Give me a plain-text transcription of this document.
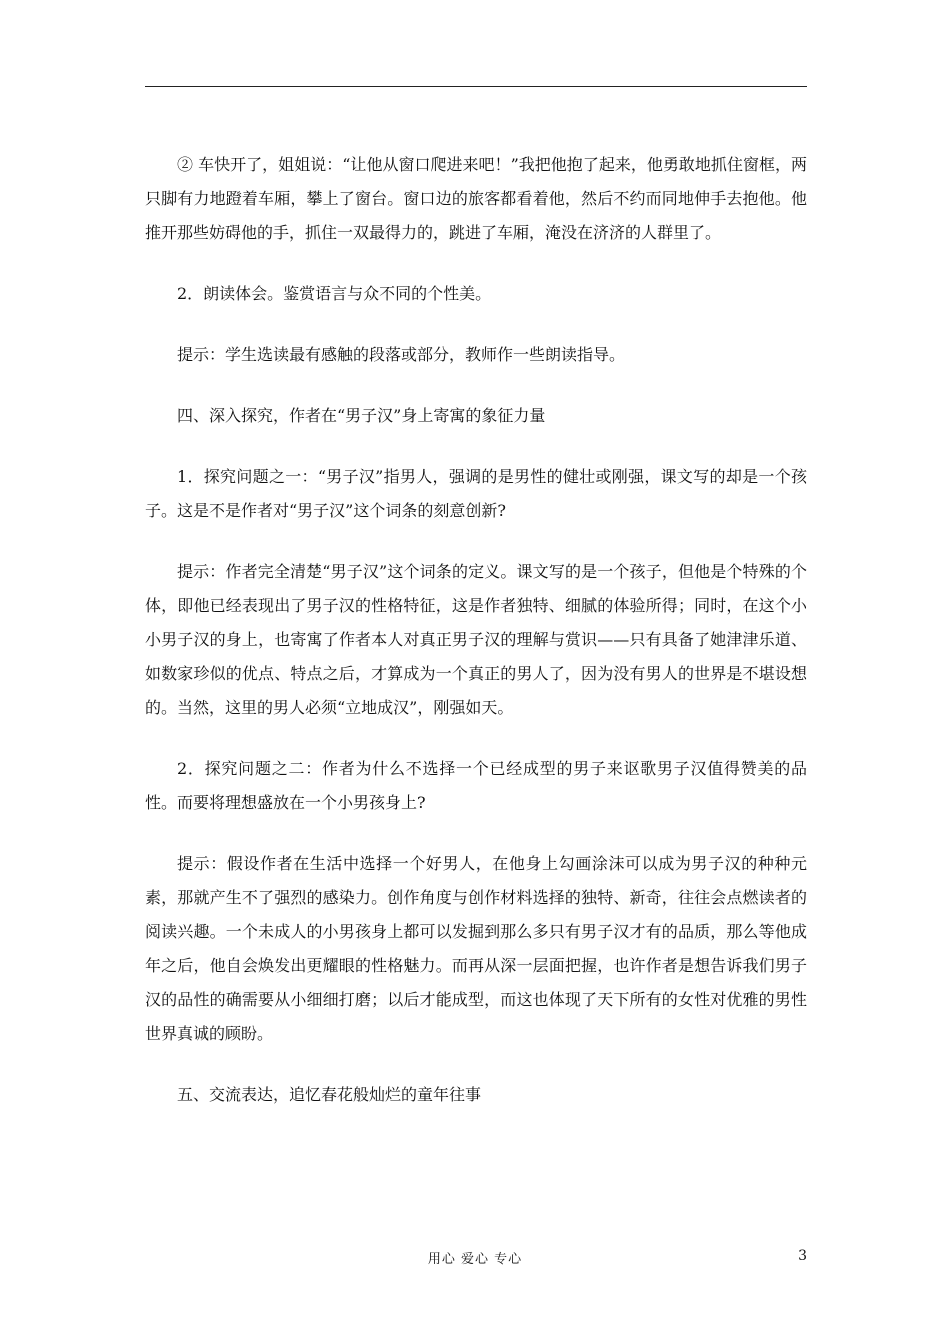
② 车快开了，姐姐说：“让他从窗口爬进来吧！”我把他抱了起来，他勇敢地抓住窗框，两只脚有力地蹬着车厢，攀上了窗台。窗口边的旅客都看着他，然后不约而同地伸手去抱他。他推开那些妨碍他的手，抓住一双最得力的，跳进了车厢，淹没在济济的人群里了。

2．朗读体会。鉴赏语言与众不同的个性美。

提示：学生选读最有感触的段落或部分，教师作一些朗读指导。

四、深入探究，作者在“男子汉”身上寄寓的象征力量

1．探究问题之一：“男子汉”指男人，强调的是男性的健壮或刚强，课文写的却是一个孩子。这是不是作者对“男子汉”这个词条的刻意创新?

提示：作者完全清楚“男子汉”这个词条的定义。课文写的是一个孩子，但他是个特殊的个体，即他已经表现出了男子汉的性格特征，这是作者独特、细腻的体验所得；同时，在这个小小男子汉的身上，也寄寓了作者本人对真正男子汉的理解与赏识——只有具备了她津津乐道、如数家珍似的优点、特点之后，才算成为一个真正的男人了，因为没有男人的世界是不堪设想的。当然，这里的男人必须“立地成汉”，刚强如天。

2．探究问题之二：作者为什么不选择一个已经成型的男子来讴歌男子汉值得赞美的品性。而要将理想盛放在一个小男孩身上?

提示：假设作者在生活中选择一个好男人，在他身上勾画涂沫可以成为男子汉的种种元素，那就产生不了强烈的感染力。创作角度与创作材料选择的独特、新奇，往往会点燃读者的阅读兴趣。一个未成人的小男孩身上都可以发掘到那么多只有男子汉才有的品质，那么等他成年之后，他自会焕发出更耀眼的性格魅力。而再从深一层面把握，也许作者是想告诉我们男子汉的品性的确需要从小细细打磨；以后才能成型，而这也体现了天下所有的女性对优雅的男性世界真诚的顾盼。

五、交流表达，追忆春花般灿烂的童年往事

用心 爱心 专心	3
